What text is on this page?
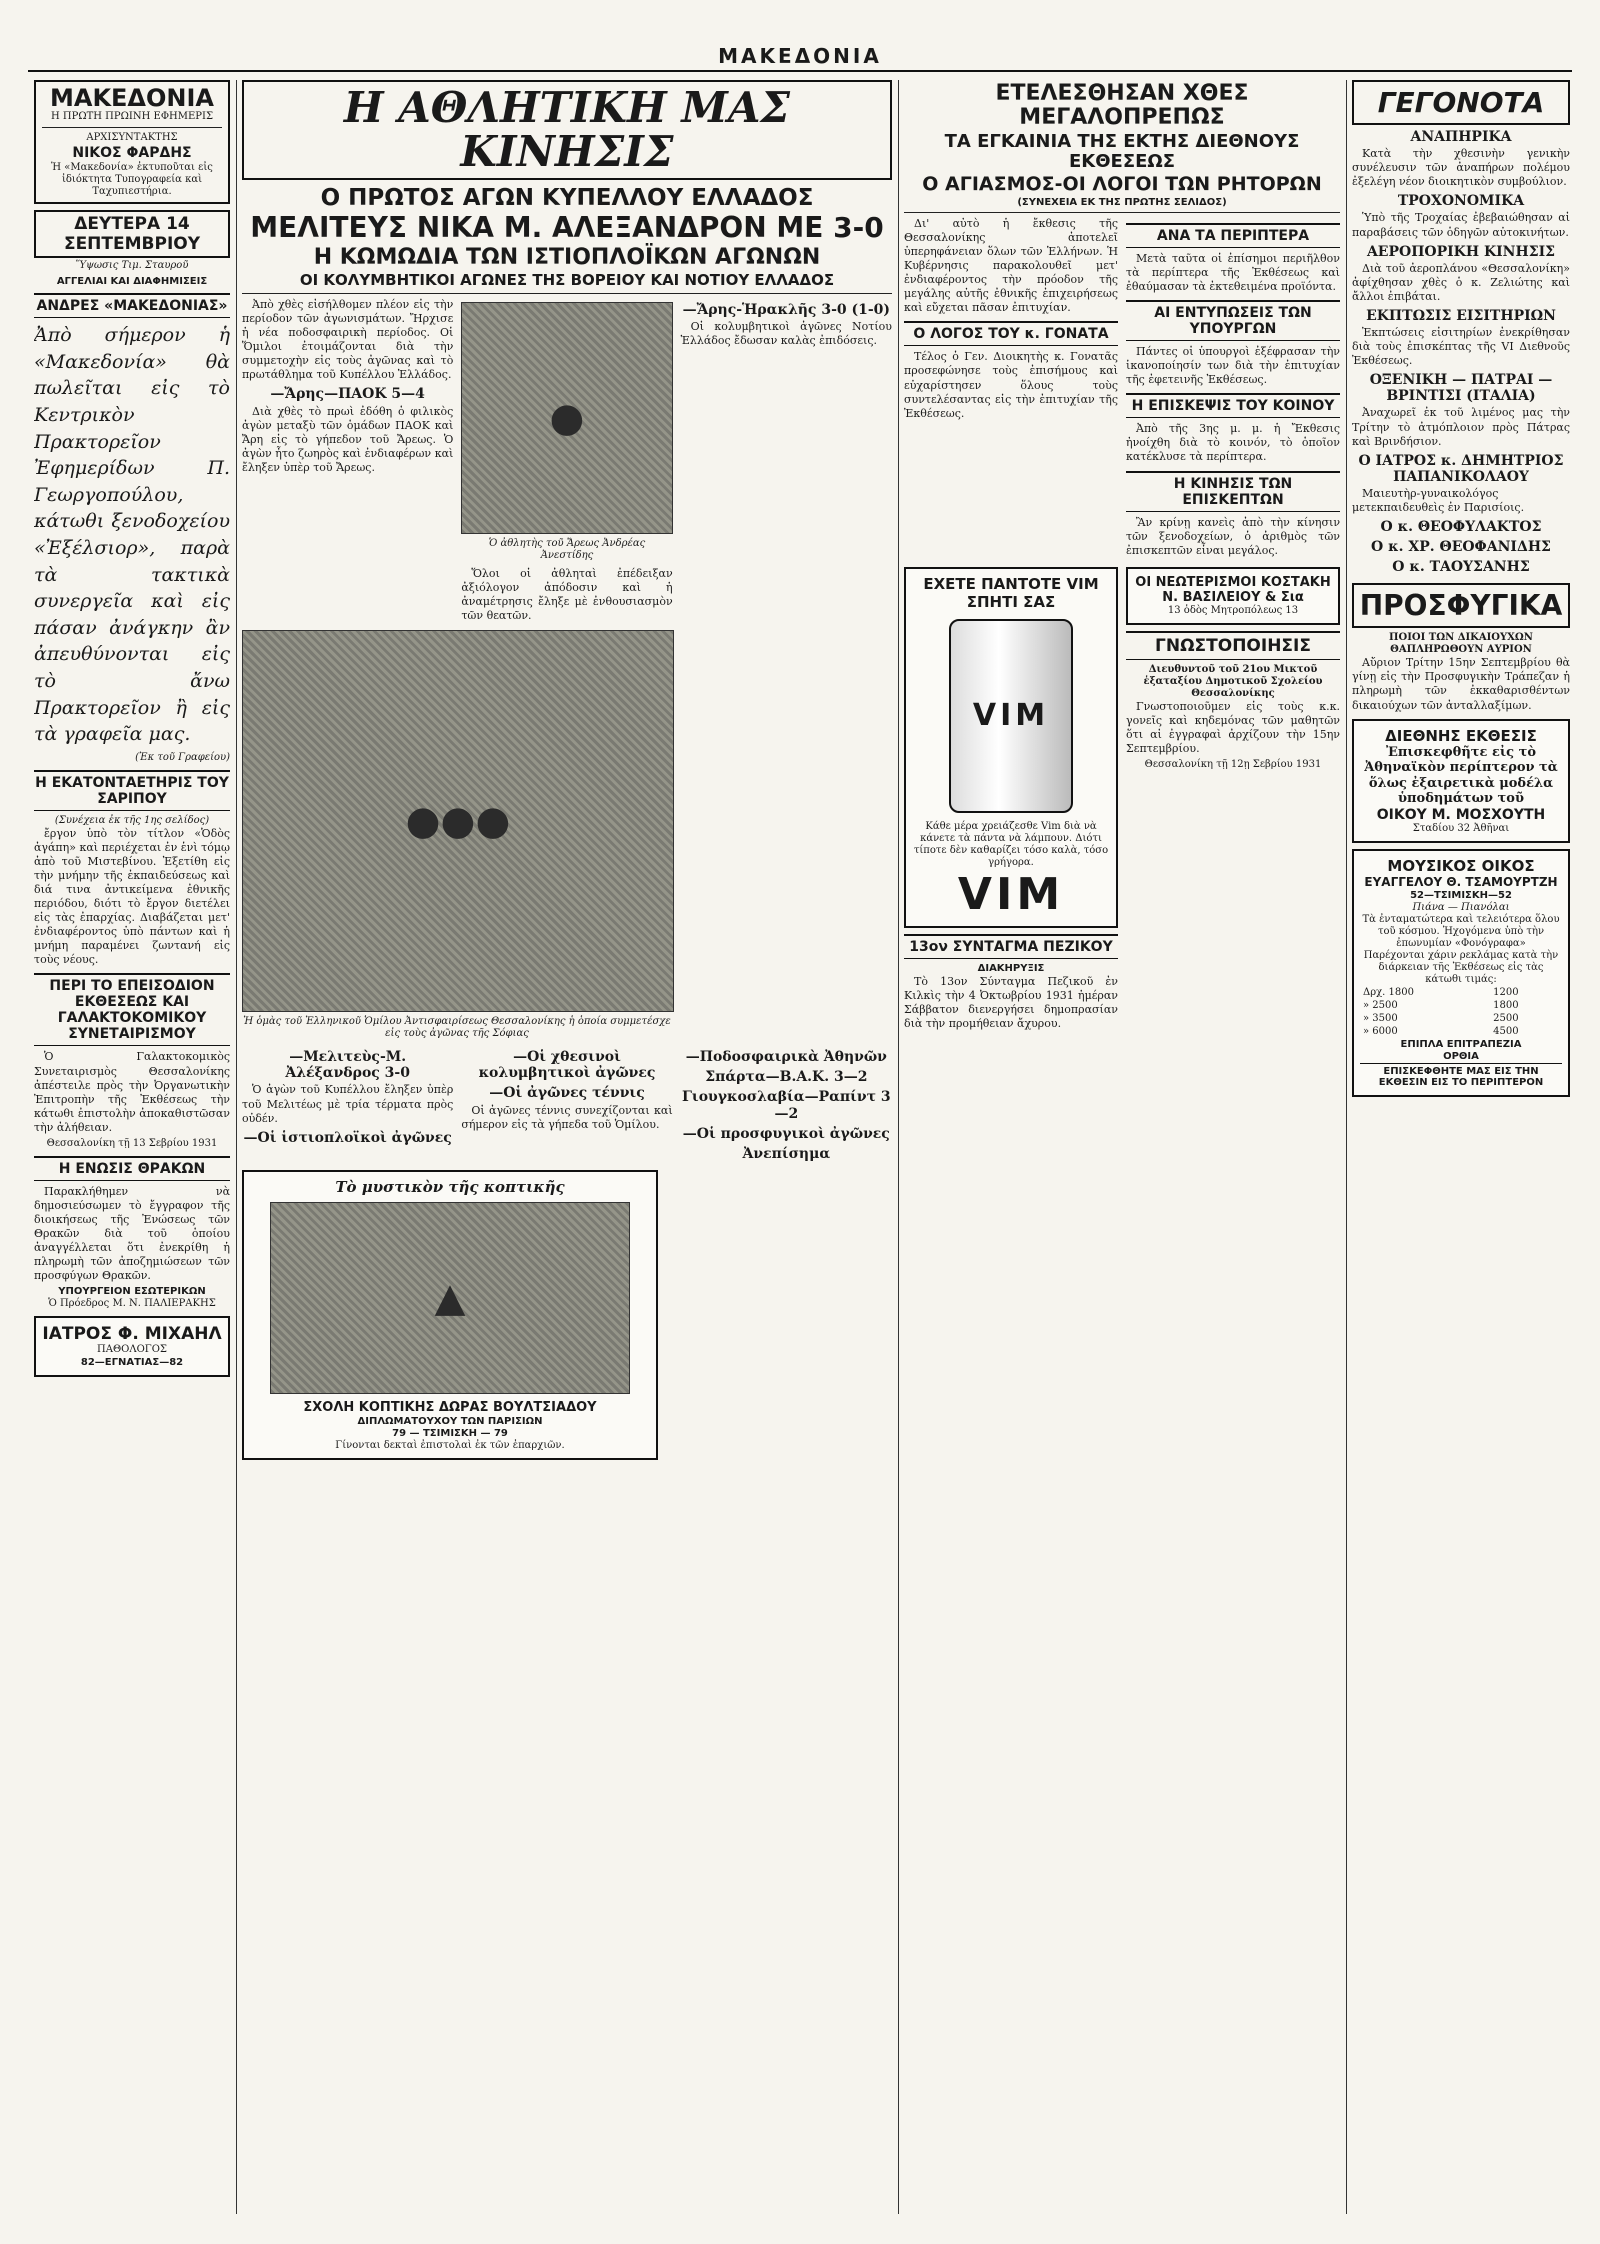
ΜΑΚΕΔΟΝΙΑ
ΜΑΚΕΔΟΝΙΑ
Η ΠΡΩΤΗ ΠΡΩΙΝΗ ΕΦΗΜΕΡΙΣ
ΑΡΧΙΣΥΝΤΑΚΤΗΣ
ΝΙΚΟΣ ΦΑΡΔΗΣ
Ἡ «Μακεδονία» ἐκτυποῦται εἰς ἰδιόκτητα Τυπογραφεία καὶ Ταχυπιεστήρια.
ΔΕΥΤΕΡΑ 14 ΣΕΠΤΕΜΒΡΙΟΥ
Ὕψωσις Τιμ. Σταυροῦ
ΑΓΓΕΛΙΑΙ ΚΑΙ ΔΙΑΦΗΜΙΣΕΙΣ
ΑΝΔΡΕΣ «ΜΑΚΕΔΟΝΙΑΣ»
Ἀπὸ σήμερον ἡ «Μακεδονία» θὰ πωλεῖται εἰς τὸ Κεντρικὸν Πρακτορεῖον Ἐφημερίδων Π. Γεωργοπούλου, κάτωθι ξενοδοχείου «Ἐξέλσιορ», παρὰ τὰ τακτικὰ συνεργεῖα καὶ εἰς πάσαν ἀνάγκην ἂν ἀπευθύνονται εἰς τὸ ἄνω Πρακτορεῖον ἢ εἰς τὰ γραφεῖα μας.
(Ἐκ τοῦ Γραφείου)
Η ΕΚΑΤΟΝΤΑΕΤΗΡΙΣ ΤΟΥ ΣΑΡΙΠΟΥ
(Συνέχεια ἐκ τῆς 1ης σελίδος)

ἔργον ὑπὸ τὸν τίτλον «Ὁδὸς ἀγάπη» καὶ περιέχεται ἐν ἑνὶ τόμῳ ἀπὸ τοῦ Μιστεβίνου. Ἐξετίθη εἰς τὴν μνήμην τῆς ἐκπαιδεύσεως καὶ διά τινα ἀντικείμενα ἐθνικῆς περιόδου, διότι τὸ ἔργον διετέλει εἰς τὰς ἐπαρχίας. Διαβάζεται μετ' ἐνδιαφέροντος ὑπὸ πάντων καὶ ἡ μνήμη παραμένει ζωντανή εἰς τοὺς νέους.

ΠΕΡΙ ΤΟ ΕΠΕΙΣΟΔΙΟΝ ΕΚΘΕΣΕΩΣ ΚΑΙ ΓΑΛΑΚΤΟΚΟΜΙΚΟΥ ΣΥΝΕΤΑΙΡΙΣΜΟΥ

Ὁ Γαλακτοκομικὸς Συνεταιρισμὸς Θεσσαλονίκης ἀπέστειλε πρὸς τὴν Ὀργανωτικὴν Ἐπιτροπὴν τῆς Ἐκθέσεως τὴν κάτωθι ἐπιστολὴν ἀποκαθιστῶσαν τὴν ἀλήθειαν.

Θεσσαλονίκη τῇ 13 Σεβρίου 1931
Η ΕΝΩΣΙΣ ΘΡΑΚΩΝ

Παρακλήθημεν νὰ δημοσιεύσωμεν τὸ ἔγγραφον τῆς διοικήσεως τῆς Ἐνώσεως τῶν Θρακῶν διὰ τοῦ ὁποίου ἀναγγέλλεται ὅτι ἐνεκρίθη ἡ πληρωμὴ τῶν ἀποζημιώσεων τῶν προσφύγων Θρακῶν.

ΥΠΟΥΡΓΕΙΟΝ ΕΣΩΤΕΡΙΚΩΝ
Ὁ Πρόεδρος Μ. Ν. ΠΑΛΙΕΡΑΚΗΣ
ΙΑΤΡΟΣ Φ. ΜΙΧΑΗΛ
ΠΑΘΟΛΟΓΟΣ
82—ΕΓΝΑΤΙΑΣ—82
Η ΑΘΛΗΤΙΚΗ ΜΑΣ ΚΙΝΗΣΙΣ
Ο ΠΡΩΤΟΣ ΑΓΩΝ ΚΥΠΕΛΛΟΥ ΕΛΛΑΔΟΣ
ΜΕΛΙΤΕΥΣ ΝΙΚΑ Μ. ΑΛΕΞΑΝΔΡΟΝ ΜΕ 3-0
Η ΚΩΜΩΔΙΑ ΤΩΝ ΙΣΤΙΟΠΛΟΪΚΩΝ ΑΓΩΝΩΝ
ΟΙ ΚΟΛΥΜΒΗΤΙΚΟΙ ΑΓΩΝΕΣ ΤΗΣ ΒΟΡΕΙΟΥ ΚΑΙ ΝΟΤΙΟΥ ΕΛΛΑΔΟΣ

Ἀπὸ χθὲς εἰσήλθομεν πλέον εἰς τὴν περίοδον τῶν ἀγωνισμάτων. Ἤρχισε ἡ νέα ποδοσφαιρικὴ περίοδος. Οἱ Ὅμιλοι ἐτοιμάζονται διὰ τὴν συμμετοχὴν εἰς τοὺς ἀγῶνας καὶ τὸ πρωτάθλημα τοῦ Κυπέλλου Ἑλλάδος.

—Ἄρης—ΠΑΟΚ 5—4

Διὰ χθὲς τὸ πρωὶ ἐδόθη ὁ φιλικὸς ἀγὼν μεταξὺ τῶν ὁμάδων ΠΑΟΚ καὶ Ἄρη εἰς τὸ γήπεδον τοῦ Ἄρεως. Ὁ ἀγὼν ἦτο ζωηρὸς καὶ ἐνδιαφέρων καὶ ἔληξεν ὑπὲρ τοῦ Ἄρεως.

●
Ὁ ἀθλητὴς τοῦ Ἄρεως Ἀνδρέας Ἀνεστίδης

Ὅλοι οἱ ἀθληταὶ ἐπέδειξαν ἀξιόλογον ἀπόδοσιν καὶ ἡ ἀναμέτρησις ἔληξε μὲ ἐνθουσιασμὸν τῶν θεατῶν.

—Ἄρης-Ἡρακλῆς 3-0 (1-0)

Οἱ κολυμβητικοὶ ἀγῶνες Νοτίου Ἑλλάδος ἔδωσαν καλὰς ἐπιδόσεις.

●●●
Ἡ ὁμὰς τοῦ Ἑλληνικοῦ Ὁμίλου Ἀντισφαιρίσεως Θεσσαλονίκης ἡ ὁποία συμμετέσχε εἰς τοὺς ἀγῶνας τῆς Σόφιας
—Μελιτεὺς-Μ. Ἀλέξανδρος 3-0

Ὁ ἀγὼν τοῦ Κυπέλλου ἔληξεν ὑπὲρ τοῦ Μελιτέως μὲ τρία τέρματα πρὸς οὐδέν.

—Οἱ ἱστιοπλοϊκοὶ ἀγῶνες
—Οἱ χθεσινοὶ κολυμβητικοὶ ἀγῶνες
—Οἱ ἀγῶνες τέννις

Οἱ ἀγῶνες τέννις συνεχίζονται καὶ σήμερον εἰς τὰ γήπεδα τοῦ Ὁμίλου.

—Ποδοσφαιρικὰ Ἀθηνῶν
Σπάρτα—Β.Α.Κ. 3—2
Γιουγκοσλαβία—Ραπίντ 3—2
—Οἱ προσφυγικοὶ ἀγῶνες
Ἀνεπίσημα
Τὸ μυστικὸν τῆς κοπτικῆς
▲
ΣΧΟΛΗ ΚΟΠΤΙΚΗΣ ΔΩΡΑΣ ΒΟΥΛΤΣΙΑΔΟΥ
ΔΙΠΛΩΜΑΤΟΥΧΟΥ ΤΩΝ ΠΑΡΙΣΙΩΝ
79 — ΤΣΙΜΙΣΚΗ — 79
Γίνονται δεκταὶ ἐπιστολαὶ ἐκ τῶν ἐπαρχιῶν.
ΕΤΕΛΕΣΘΗΣΑΝ ΧΘΕΣ ΜΕΓΑΛΟΠΡΕΠΩΣ
ΤΑ ΕΓΚΑΙΝΙΑ ΤΗΣ ΕΚΤΗΣ ΔΙΕΘΝΟΥΣ ΕΚΘΕΣΕΩΣ
Ο ΑΓΙΑΣΜΟΣ-ΟΙ ΛΟΓΟΙ ΤΩΝ ΡΗΤΟΡΩΝ
(ΣΥΝΕΧΕΙΑ ΕΚ ΤΗΣ ΠΡΩΤΗΣ ΣΕΛΙΔΟΣ)

Δι' αὐτὸ ἡ ἔκθεσις τῆς Θεσσαλονίκης ἀποτελεῖ ὑπερηφάνειαν ὅλων τῶν Ἑλλήνων. Ἡ Κυβέρνησις παρακολουθεῖ μετ' ἐνδιαφέροντος τὴν πρόοδον τῆς μεγάλης αὐτῆς ἐθνικῆς ἐπιχειρήσεως καὶ εὔχεται πᾶσαν ἐπιτυχίαν.

Ο ΛΟΓΟΣ ΤΟΥ κ. ΓΟΝΑΤΑ

Τέλος ὁ Γεν. Διοικητὴς κ. Γονατᾶς προσεφώνησε τοὺς ἐπισήμους καὶ εὐχαρίστησεν ὅλους τοὺς συντελέσαντας εἰς τὴν ἐπιτυχίαν τῆς Ἐκθέσεως.

ΑΝΑ ΤΑ ΠΕΡΙΠΤΕΡΑ

Μετὰ ταῦτα οἱ ἐπίσημοι περιῆλθον τὰ περίπτερα τῆς Ἐκθέσεως καὶ ἐθαύμασαν τὰ ἐκτεθειμένα προϊόντα.

ΑΙ ΕΝΤΥΠΩΣΕΙΣ ΤΩΝ ΥΠΟΥΡΓΩΝ

Πάντες οἱ ὑπουργοὶ ἐξέφρασαν τὴν ἱκανοποίησίν των διὰ τὴν ἐπιτυχίαν τῆς ἐφετεινῆς Ἐκθέσεως.

Η ΕΠΙΣΚΕΨΙΣ ΤΟΥ ΚΟΙΝΟΥ

Ἀπὸ τῆς 3ης μ. μ. ἡ Ἔκθεσις ἠνοίχθη διὰ τὸ κοινόν, τὸ ὁποῖον κατέκλυσε τὰ περίπτερα.

Η ΚΙΝΗΣΙΣ ΤΩΝ ΕΠΙΣΚΕΠΤΩΝ

Ἂν κρίνῃ κανεὶς ἀπὸ τὴν κίνησιν τῶν ξενοδοχείων, ὁ ἀριθμὸς τῶν ἐπισκεπτῶν εἶναι μεγάλος.

ΕΧΕΤΕ ΠΑΝΤΟΤΕ VIM ΣΠΗΤΙ ΣΑΣ
VIM
Κάθε μέρα χρειάζεσθε Vim διὰ νὰ κάνετε τὰ πάντα νὰ λάμπουν. Διότι τίποτε δὲν καθαρίζει τόσο καλὰ, τόσο γρήγορα.
VIM
13ον ΣΥΝΤΑΓΜΑ ΠΕΖΙΚΟΥ
ΔΙΑΚΗΡΥΞΙΣ

Τὸ 13ον Σύνταγμα Πεζικοῦ ἐν Κιλκὶς τὴν 4 Ὀκτωβρίου 1931 ἡμέραν Σάββατον διενεργήσει δημοπρασίαν διὰ τὴν προμήθειαν ἄχυρου.

ΟΙ ΝΕΩΤΕΡΙΣΜΟΙ ΚΟΣΤΑΚΗ Ν. ΒΑΣΙΛΕΙΟΥ & Σια
13 ὁδὸς Μητροπόλεως 13
ΓΝΩΣΤΟΠΟΙΗΣΙΣ
Διευθυντοῦ τοῦ 21ου Μικτοῦ ἑξαταξίου Δημοτικοῦ Σχολείου Θεσσαλονίκης

Γνωστοποιοῦμεν εἰς τοὺς κ.κ. γονεῖς καὶ κηδεμόνας τῶν μαθητῶν ὅτι αἱ ἐγγραφαὶ ἀρχίζουν τὴν 15ην Σεπτεμβρίου.

Θεσσαλονίκη τῇ 12ῃ Σεβρίου 1931
ΓΕΓΟΝΟΤΑ
ΑΝΑΠΗΡΙΚΑ

Κατὰ τὴν χθεσινὴν γενικὴν συνέλευσιν τῶν ἀναπήρων πολέμου ἐξελέγη νέον διοικητικὸν συμβούλιον.

ΤΡΟΧΟΝΟΜΙΚΑ

Ὑπὸ τῆς Τροχαίας ἐβεβαιώθησαν αἱ παραβάσεις τῶν ὁδηγῶν αὐτοκινήτων.

ΑΕΡΟΠΟΡΙΚΗ ΚΙΝΗΣΙΣ

Διὰ τοῦ ἀεροπλάνου «Θεσσαλονίκη» ἀφίχθησαν χθὲς ὁ κ. Ζελιώτης καὶ ἄλλοι ἐπιβάται.

ΕΚΠΤΩΣΙΣ ΕΙΣΙΤΗΡΙΩΝ

Ἐκπτώσεις εἰσιτηρίων ἐνεκρίθησαν διὰ τοὺς ἐπισκέπτας τῆς VI Διεθνοῦς Ἐκθέσεως.

ΟΞΕΝΙΚΗ — ΠΑΤΡΑΙ — ΒΡΙΝΤΙΣΙ (ΙΤΑΛΙΑ)

Ἀναχωρεῖ ἐκ τοῦ λιμένος μας τὴν Τρίτην τὸ ἀτμόπλοιον πρὸς Πάτρας καὶ Βρινδήσιον.

Ο ΙΑΤΡΟΣ κ. ΔΗΜΗΤΡΙΟΣ ΠΑΠΑΝΙΚΟΛΑΟΥ

Μαιευτὴρ-γυναικολόγος μετεκπαιδευθεὶς ἐν Παρισίοις.

Ο κ. ΘΕΟΦΥΛΑΚΤΟΣ
Ο κ. ΧΡ. ΘΕΟΦΑΝΙΔΗΣ
Ο κ. ΤΑΟΥΣΑΝΗΣ
ΠΡΟΣΦΥΓΙΚΑ
ΠΟΙΟΙ ΤΩΝ ΔΙΚΑΙΟΥΧΩΝ ΘΑΠΛΗΡΩΘΟΥΝ ΑΥΡΙΟΝ

Αὔριον Τρίτην 15ην Σεπτεμβρίου θὰ γίνῃ εἰς τὴν Προσφυγικὴν Τράπεζαν ἡ πληρωμὴ τῶν ἐκκαθαρισθέντων δικαιούχων τῶν ἀνταλλαξίμων.

ΔΙΕΘΝΗΣ ΕΚΘΕΣΙΣ
Ἐπισκεφθῆτε εἰς τὸ Ἀθηναϊκὸν περίπτερον τὰ ὅλως ἐξαιρετικὰ μοδέλα ὑποδημάτων τοῦ
ΟΙΚΟΥ Μ. ΜΟΣΧΟΥΤΗ
Σταδίου 32 Ἀθῆναι
ΜΟΥΣΙΚΟΣ ΟΙΚΟΣ
ΕΥΑΓΓΕΛΟΥ Θ. ΤΣΑΜΟΥΡΤΖΗ
52—ΤΣΙΜΙΣΚΗ—52
Πιάνα — Πιανόλαι
Τὰ ἐνταματώτερα καὶ τελειότερα ὅλου τοῦ κόσμου. Ἠχογόμενα ὑπὸ τὴν ἐπωνυμίαν «Φονόγραφα»
Παρέχονται χάριν ρεκλάμας κατὰ τὴν διάρκειαν τῆς Ἐκθέσεως εἰς τὰς κάτωθι τιμάς:
Δρχ. 1800	1200
» 2500	1800
» 3500	2500
» 6000	4500
ΕΠΙΠΛΑ ΕΠΙΤΡΑΠΕΖΙΑ
ΟΡΘΙΑ
ΕΠΙΣΚΕΦΘΗΤΕ ΜΑΣ ΕΙΣ ΤΗΝ ΕΚΘΕΣΙΝ ΕΙΣ ΤΟ ΠΕΡΙΠΤΕΡΟΝ
